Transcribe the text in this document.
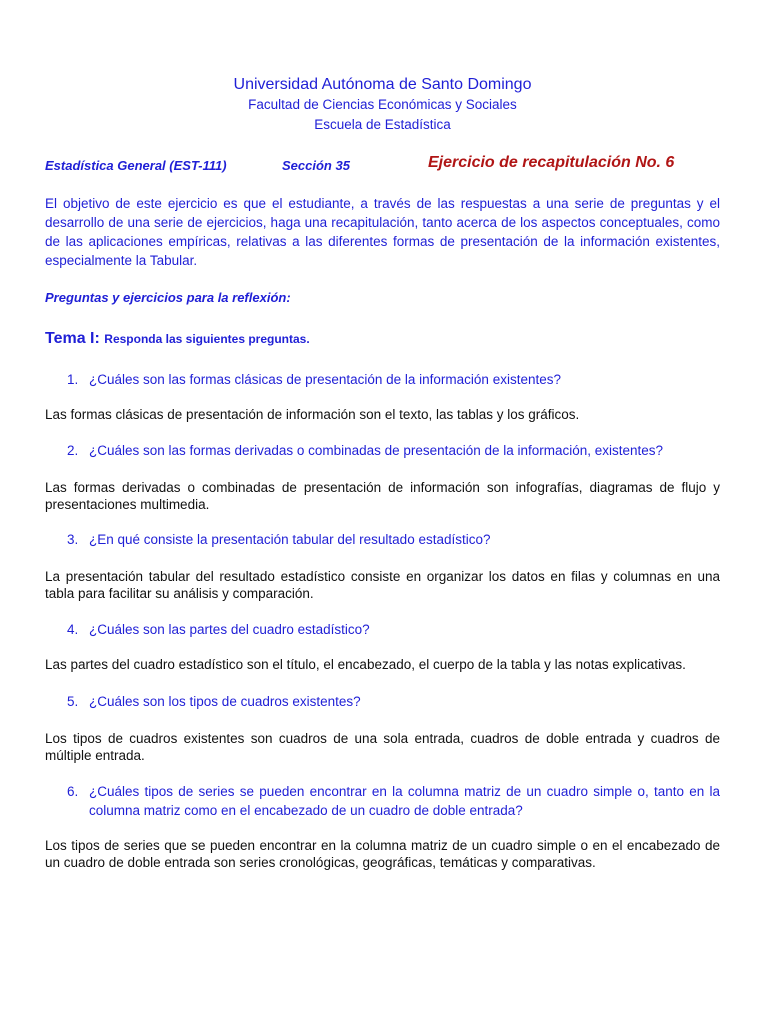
Universidad Autónoma de Santo Domingo
Facultad de Ciencias Económicas y Sociales
Escuela de Estadística
Estadística General (EST-111)	Sección 35	Ejercicio de recapitulación No. 6
El objetivo de este ejercicio es que el estudiante, a través de las respuestas a una serie de preguntas y el desarrollo de una serie de ejercicios, haga una recapitulación, tanto acerca de los aspectos conceptuales, como de las aplicaciones empíricas, relativas a las diferentes formas de presentación de la información existentes, especialmente la Tabular.
Preguntas y ejercicios para la reflexión:
Tema I: Responda las siguientes preguntas.
1. ¿Cuáles son las formas clásicas de presentación de la información existentes?
Las formas clásicas de presentación de información son el texto, las tablas y los gráficos.
2. ¿Cuáles son las formas derivadas o combinadas de presentación de la información, existentes?
Las formas derivadas o combinadas de presentación de información son infografías, diagramas de flujo y presentaciones multimedia.
3. ¿En qué consiste la presentación tabular del resultado estadístico?
La presentación tabular del resultado estadístico consiste en organizar los datos en filas y columnas en una tabla para facilitar su análisis y comparación.
4. ¿Cuáles son las partes del cuadro estadístico?
Las partes del cuadro estadístico son el título, el encabezado, el cuerpo de la tabla y las notas explicativas.
5. ¿Cuáles son los tipos de cuadros existentes?
Los tipos de cuadros existentes son cuadros de una sola entrada, cuadros de doble entrada y cuadros de múltiple entrada.
6. ¿Cuáles tipos de series se pueden encontrar en la columna matriz de un cuadro simple o, tanto en la columna matriz como en el encabezado de un cuadro de doble entrada?
Los tipos de series que se pueden encontrar en la columna matriz de un cuadro simple o en el encabezado de un cuadro de doble entrada son series cronológicas, geográficas, temáticas y comparativas.
